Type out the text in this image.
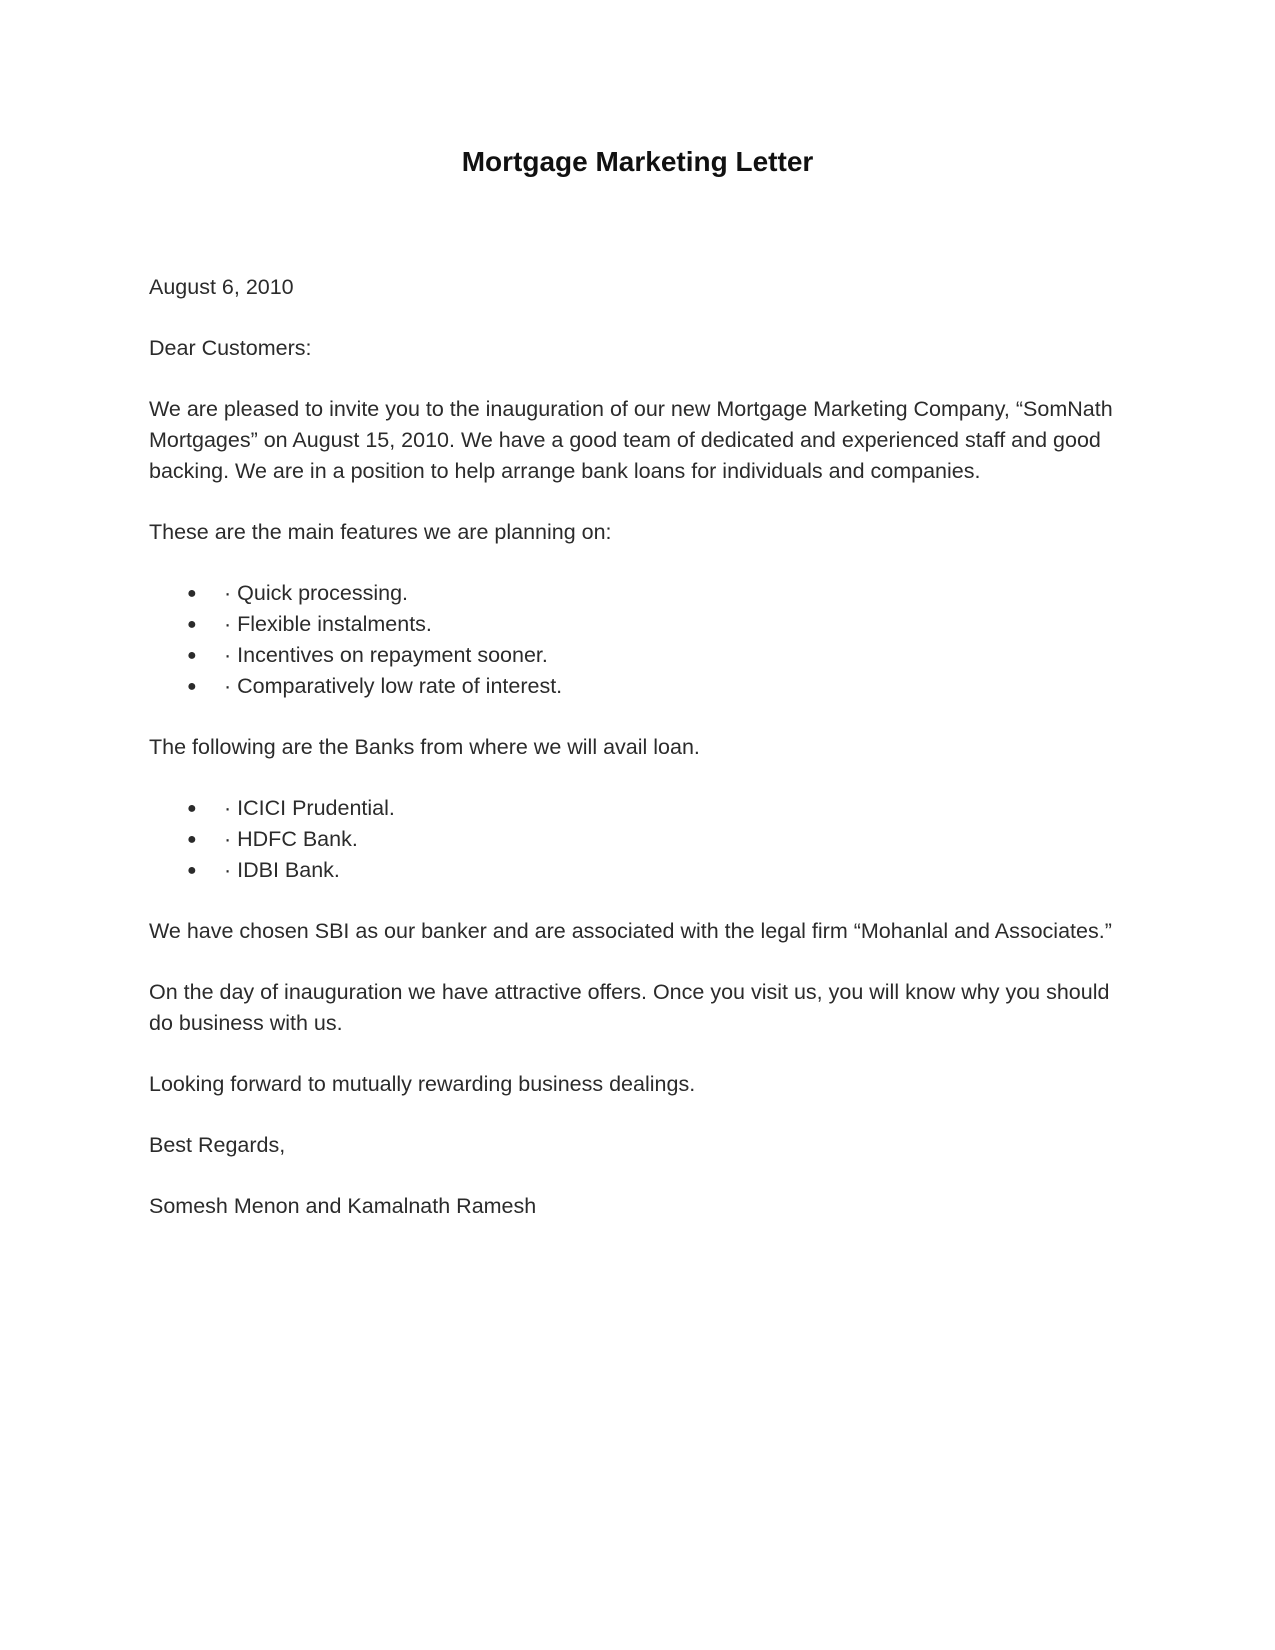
Mortgage Marketing Letter

August 6, 2010

Dear Customers:

We are pleased to invite you to the inauguration of our new Mortgage Marketing Company, “SomNath Mortgages” on August 15, 2010. We have a good team of dedicated and experienced staff and good backing. We are in a position to help arrange bank loans for individuals and companies.

These are the main features we are planning on:

● · Quick processing.
● · Flexible instalments.
● · Incentives on repayment sooner.
● · Comparatively low rate of interest.

The following are the Banks from where we will avail loan.

● · ICICI Prudential.
● · HDFC Bank.
● · IDBI Bank.

We have chosen SBI as our banker and are associated with the legal firm “Mohanlal and Associates.”

On the day of inauguration we have attractive offers. Once you visit us, you will know why you should do business with us.

Looking forward to mutually rewarding business dealings.

Best Regards,

Somesh Menon and Kamalnath Ramesh
